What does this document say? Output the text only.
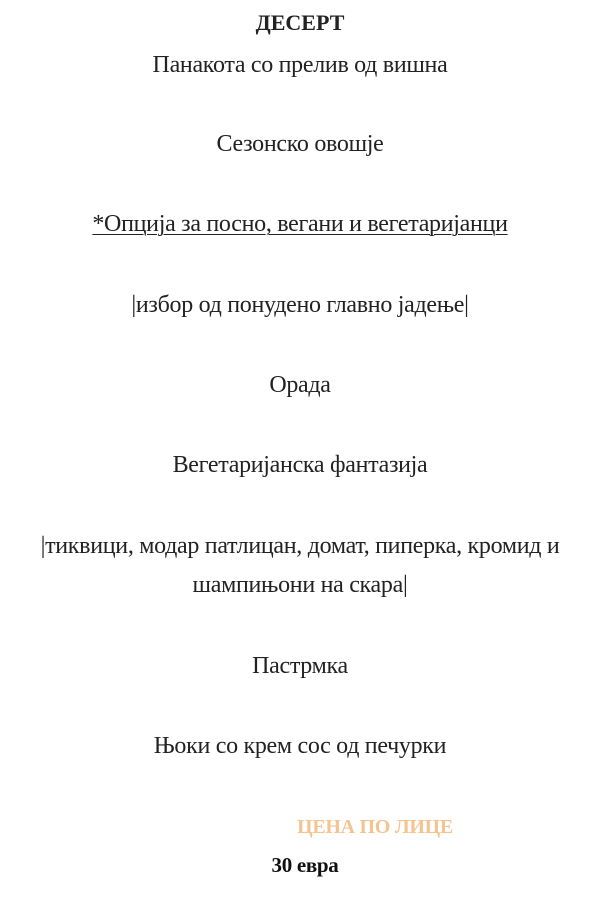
ДЕСЕРТ
Панакота со прелив од вишна
Сезонско овошје
*Опција за посно, вегани и вегетаријанци
|избор од понудено главно јадење|
Орада
Вегетаријанска фантазија
|тиквици, модар патлицан, домат, пиперка, кромид и
шампињони на скара|
Пастрмка
Њоки со крем сос од печурки
ЦЕНА ПО ЛИЦЕ
30 евра
